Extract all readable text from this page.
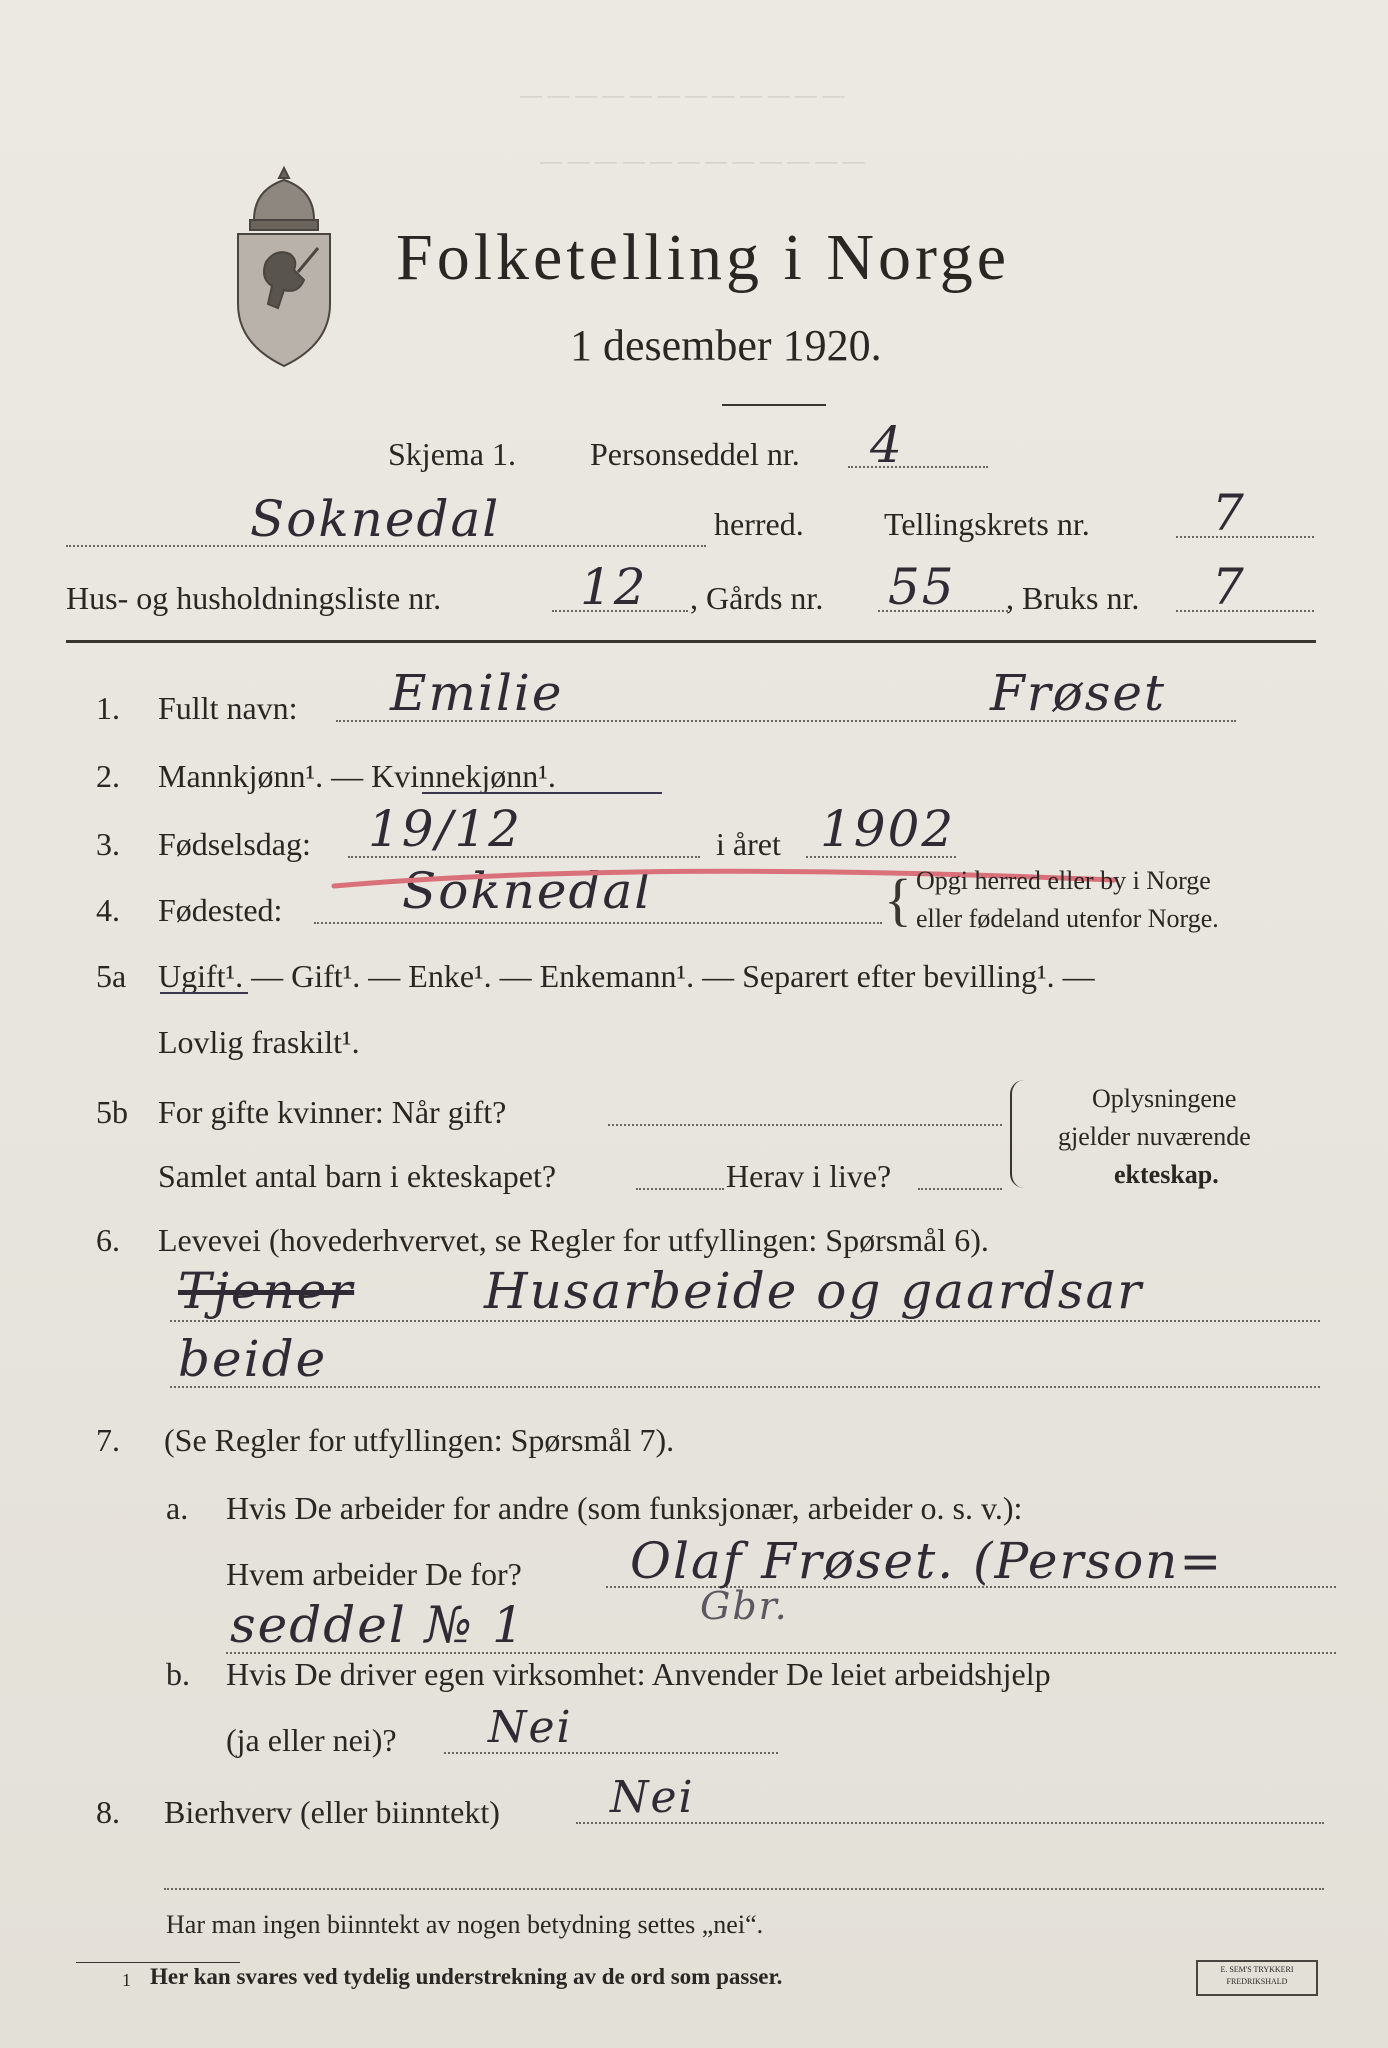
— — — — — — — — — — — —
— — — — — — — — — — — —
Folketelling i Norge
1 desember 1920.
Skjema 1. Personseddel nr. 4
Soknedal	herred.	Tellingskrets nr. 7
Hus- og husholdningsliste nr.	12 , Gårds nr. 55 , Bruks nr. 7
1. Fullt navn: Emilie	Frøset
2. Mannkjønn¹. — Kvinnekjønn¹.
3. Fødselsdag: 19/12	i året 1902
4. Fødested: Soknedal	{ Opgi herred eller by i Norge
eller fødeland utenfor Norge.
5a Ugift¹. — Gift¹. — Enke¹. — Enkemann¹. — Separert efter bevilling¹. —
Lovlig fraskilt¹.
5b For gifte kvinner: Når gift?
Samlet antal barn i ekteskapet?	Herav i live?
Oplysningene
gjelder nuværende
ekteskap.
6. Levevei (hovederhvervet, se Regler for utfyllingen: Spørsmål 6).
Tjener	Husarbeide og gaardsar
beide
7. (Se Regler for utfyllingen: Spørsmål 7).
a. Hvis De arbeider for andre (som funksjonær, arbeider o. s. v.):
Hvem arbeider De for? Olaf Frøset. (Person=
seddel № 1	Gbr.
b. Hvis De driver egen virksomhet: Anvender De leiet arbeidshjelp
(ja eller nei)? Nei
8. Bierhverv (eller biinntekt)	Nei
Har man ingen biinntekt av nogen betydning settes „nei“.
1 Her kan svares ved tydelig understrekning av de ord som passer.	E. SEM'S TRYKKERI
FREDRIKSHALD
